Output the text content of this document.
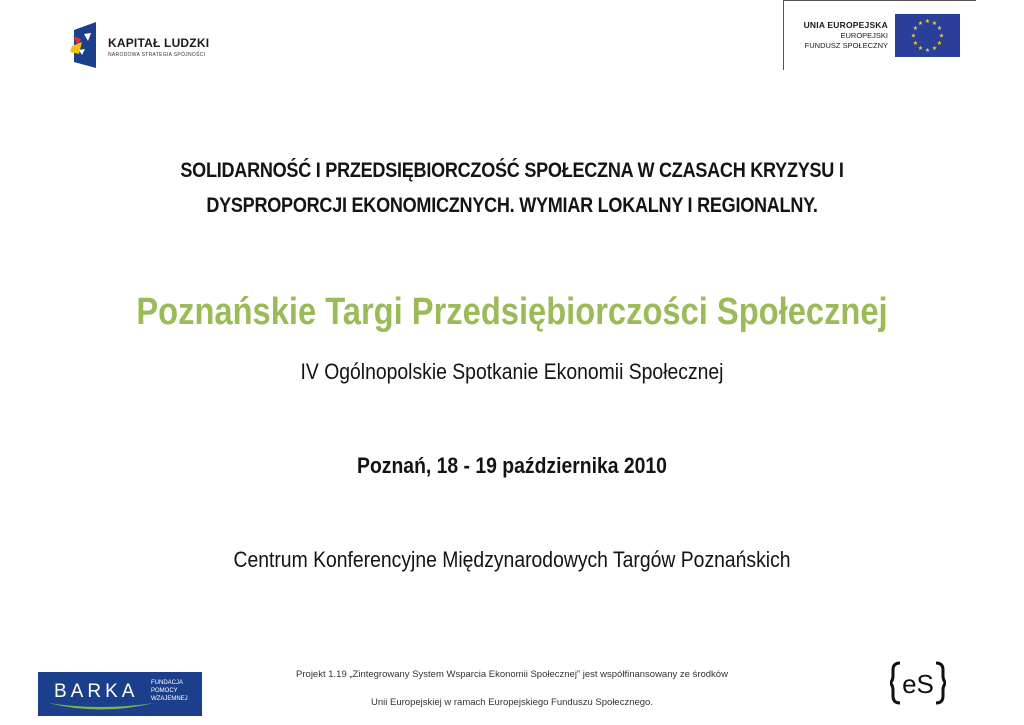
KAPITAŁ LUDZKI
NARODOWA STRATEGIA SPÓJNOŚCI
UNIA EUROPEJSKA
EUROPEJSKI
FUNDUSZ SPOŁECZNY
★ ★
★
★
★
★
★
★
★
★
★
★
SOLIDARNOŚĆ I PRZEDSIĘBIORCZOŚĆ SPOŁECZNA W CZASACH KRYZYSU I
DYSPROPORCJI EKONOMICZNYCH. WYMIAR LOKALNY I REGIONALNY.
Poznańskie Targi Przedsiębiorczości Społecznej
IV Ogólnopolskie Spotkanie Ekonomii Społecznej
Poznań, 18 - 19 października 2010
Centrum Konferencyjne Międzynarodowych Targów Poznańskich
BARKA FUNDACJA
POMOCY
WZAJEMNEJ
Projekt 1.19 „Zintegrowany System Wsparcia Ekonomii Społecznej” jest współfinansowany ze środków
Unii Europejskiej w ramach Europejskiego Funduszu Społecznego.
eS
